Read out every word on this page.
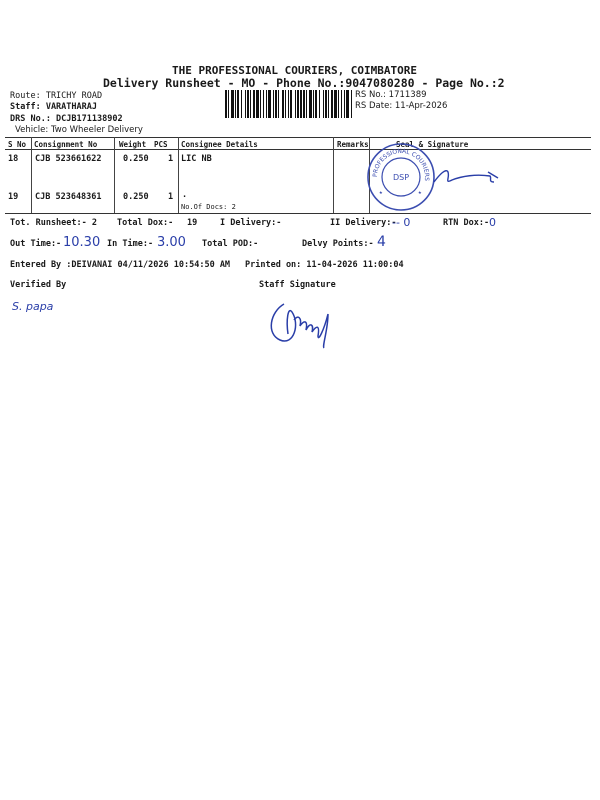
THE PROFESSIONAL COURIERS, COIMBATORE
Delivery Runsheet - MO - Phone No.:9047080280 - Page No.:2
Route: TRICHY ROAD
Staff: VARATHARAJ
DRS No.: DCJB171138902
Vehicle: Two Wheeler Delivery
RS No.: 1711389
RS Date: 11-Apr-2026
S No Consignment No	Weight PCS Consignee Details	Remarks	Seal & Signature
18 CJB 523661622	0.250 1 LIC NB
19 CJB 523648361	0.250 1 .
No.Of Docs: 2
PROFESSIONAL COURIERS
DSP
★	★
Tot. Runsheet:- 2 Total Dox:- 19	I Delivery:-	II Delivery:-
-- 0	RTN Dox:- 0
Out Time:- 10.30 In Time:- 3.00 Total POD:-	Delvy Points:- 4
Entered By :DEIVANAI 04/11/2026 10:54:50 AM Printed on: 11-04-2026 11:00:04
Verified By
S. papa
Staff Signature
